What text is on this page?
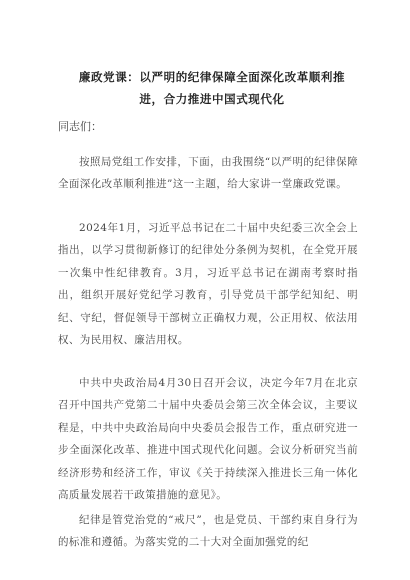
廉政党课：以严明的纪律保障全面深化改革顺利推进，合力推进中国式现代化
同志们：

按照局党组工作安排，下面，由我围绕“以严明的纪律保障全面深化改革顺利推进”这一主题，给大家讲一堂廉政党课。

2024年1月，习近平总书记在二十届中央纪委三次全会上指出，以学习贯彻新修订的纪律处分条例为契机，在全党开展一次集中性纪律教育。3月，习近平总书记在湖南考察时指出，组织开展好党纪学习教育，引导党员干部学纪知纪、明纪、守纪，督促领导干部树立正确权力观，公正用权、依法用权、为民用权、廉洁用权。

中共中央政治局4月30日召开会议，决定今年7月在北京召开中国共产党第二十届中央委员会第三次全体会议，主要议程是，中共中央政治局向中央委员会报告工作，重点研究进一步全面深化改革、推进中国式现代化问题。会议分析研究当前经济形势和经济工作，审议《关于持续深入推进长三角一体化高质量发展若干政策措施的意见》。

纪律是管党治党的“戒尺”，也是党员、干部约束自身行为的标准和遵循。为落实党的二十大对全面加强党的纪
